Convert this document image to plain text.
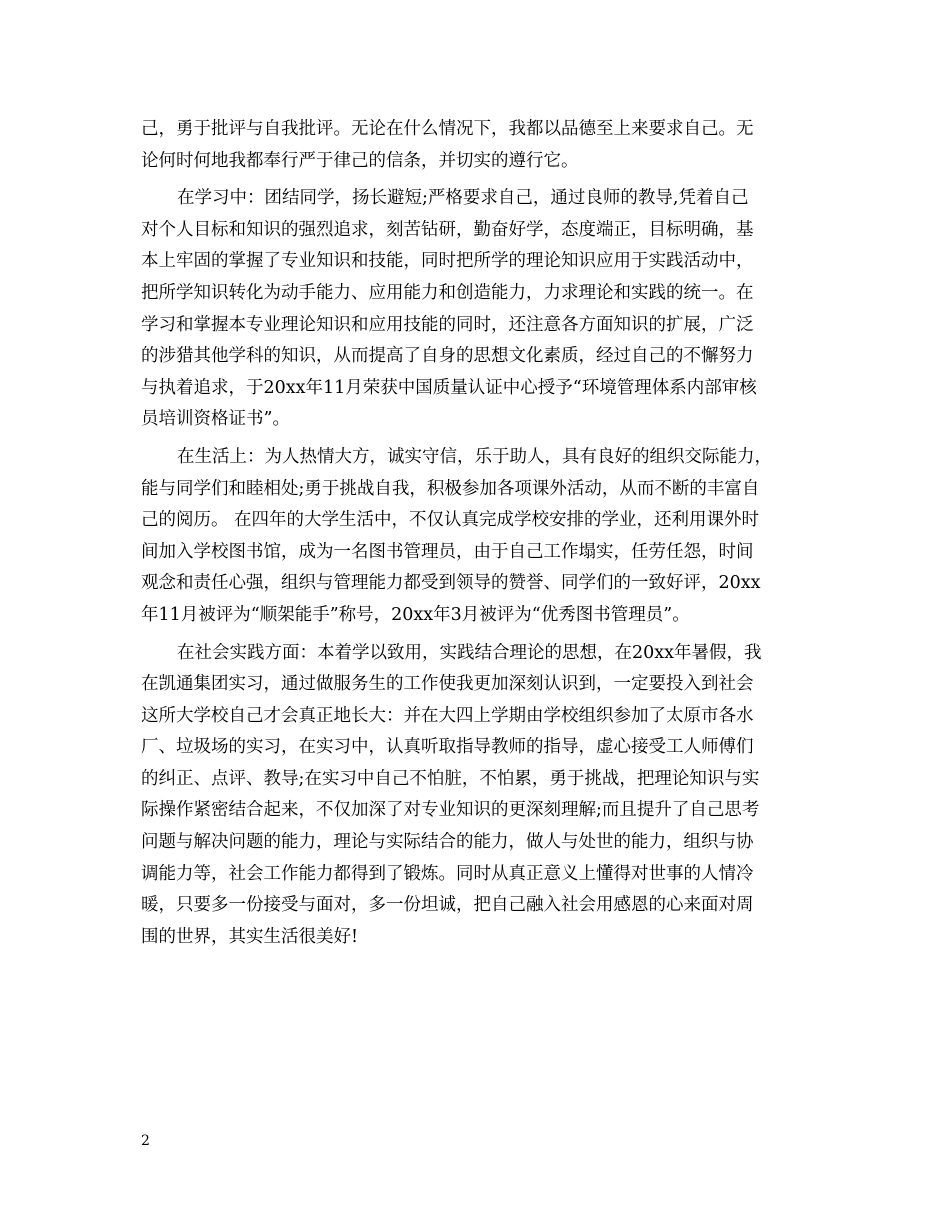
己，勇于批评与自我批评。无论在什么情况下，我都以品德至上来要求自己。无
论何时何地我都奉行严于律己的信条，并切实的遵行它。
在学习中：团结同学，扬长避短;严格要求自己，通过良师的教导,凭着自己
对个人目标和知识的强烈追求，刻苦钻研，勤奋好学，态度端正，目标明确，基
本上牢固的掌握了专业知识和技能，同时把所学的理论知识应用于实践活动中，
把所学知识转化为动手能力、应用能力和创造能力，力求理论和实践的统一。在
学习和掌握本专业理论知识和应用技能的同时，还注意各方面知识的扩展，广泛
的涉猎其他学科的知识，从而提高了自身的思想文化素质，经过自己的不懈努力
与执着追求，于20xx年11月荣获中国质量认证中心授予“环境管理体系内部审核
员培训资格证书”。
在生活上：为人热情大方，诚实守信，乐于助人，具有良好的组织交际能力，
能与同学们和睦相处;勇于挑战自我，积极参加各项课外活动，从而不断的丰富自
己的阅历。 在四年的大学生活中，不仅认真完成学校安排的学业，还利用课外时
间加入学校图书馆，成为一名图书管理员，由于自己工作塌实，任劳任怨，时间
观念和责任心强，组织与管理能力都受到领导的赞誉、同学们的一致好评，20xx
年11月被评为“顺架能手”称号，20xx年3月被评为“优秀图书管理员”。
在社会实践方面：本着学以致用，实践结合理论的思想，在20xx年暑假，我
在凯通集团实习，通过做服务生的工作使我更加深刻认识到，一定要投入到社会
这所大学校自己才会真正地长大：并在大四上学期由学校组织参加了太原市各水
厂、垃圾场的实习，在实习中，认真听取指导教师的指导，虚心接受工人师傅们
的纠正、点评、教导;在实习中自己不怕脏，不怕累，勇于挑战，把理论知识与实
际操作紧密结合起来，不仅加深了对专业知识的更深刻理解;而且提升了自己思考
问题与解决问题的能力，理论与实际结合的能力，做人与处世的能力，组织与协
调能力等，社会工作能力都得到了锻炼。同时从真正意义上懂得对世事的人情冷
暖，只要多一份接受与面对，多一份坦诚，把自己融入社会用感恩的心来面对周
围的世界，其实生活很美好!
2
